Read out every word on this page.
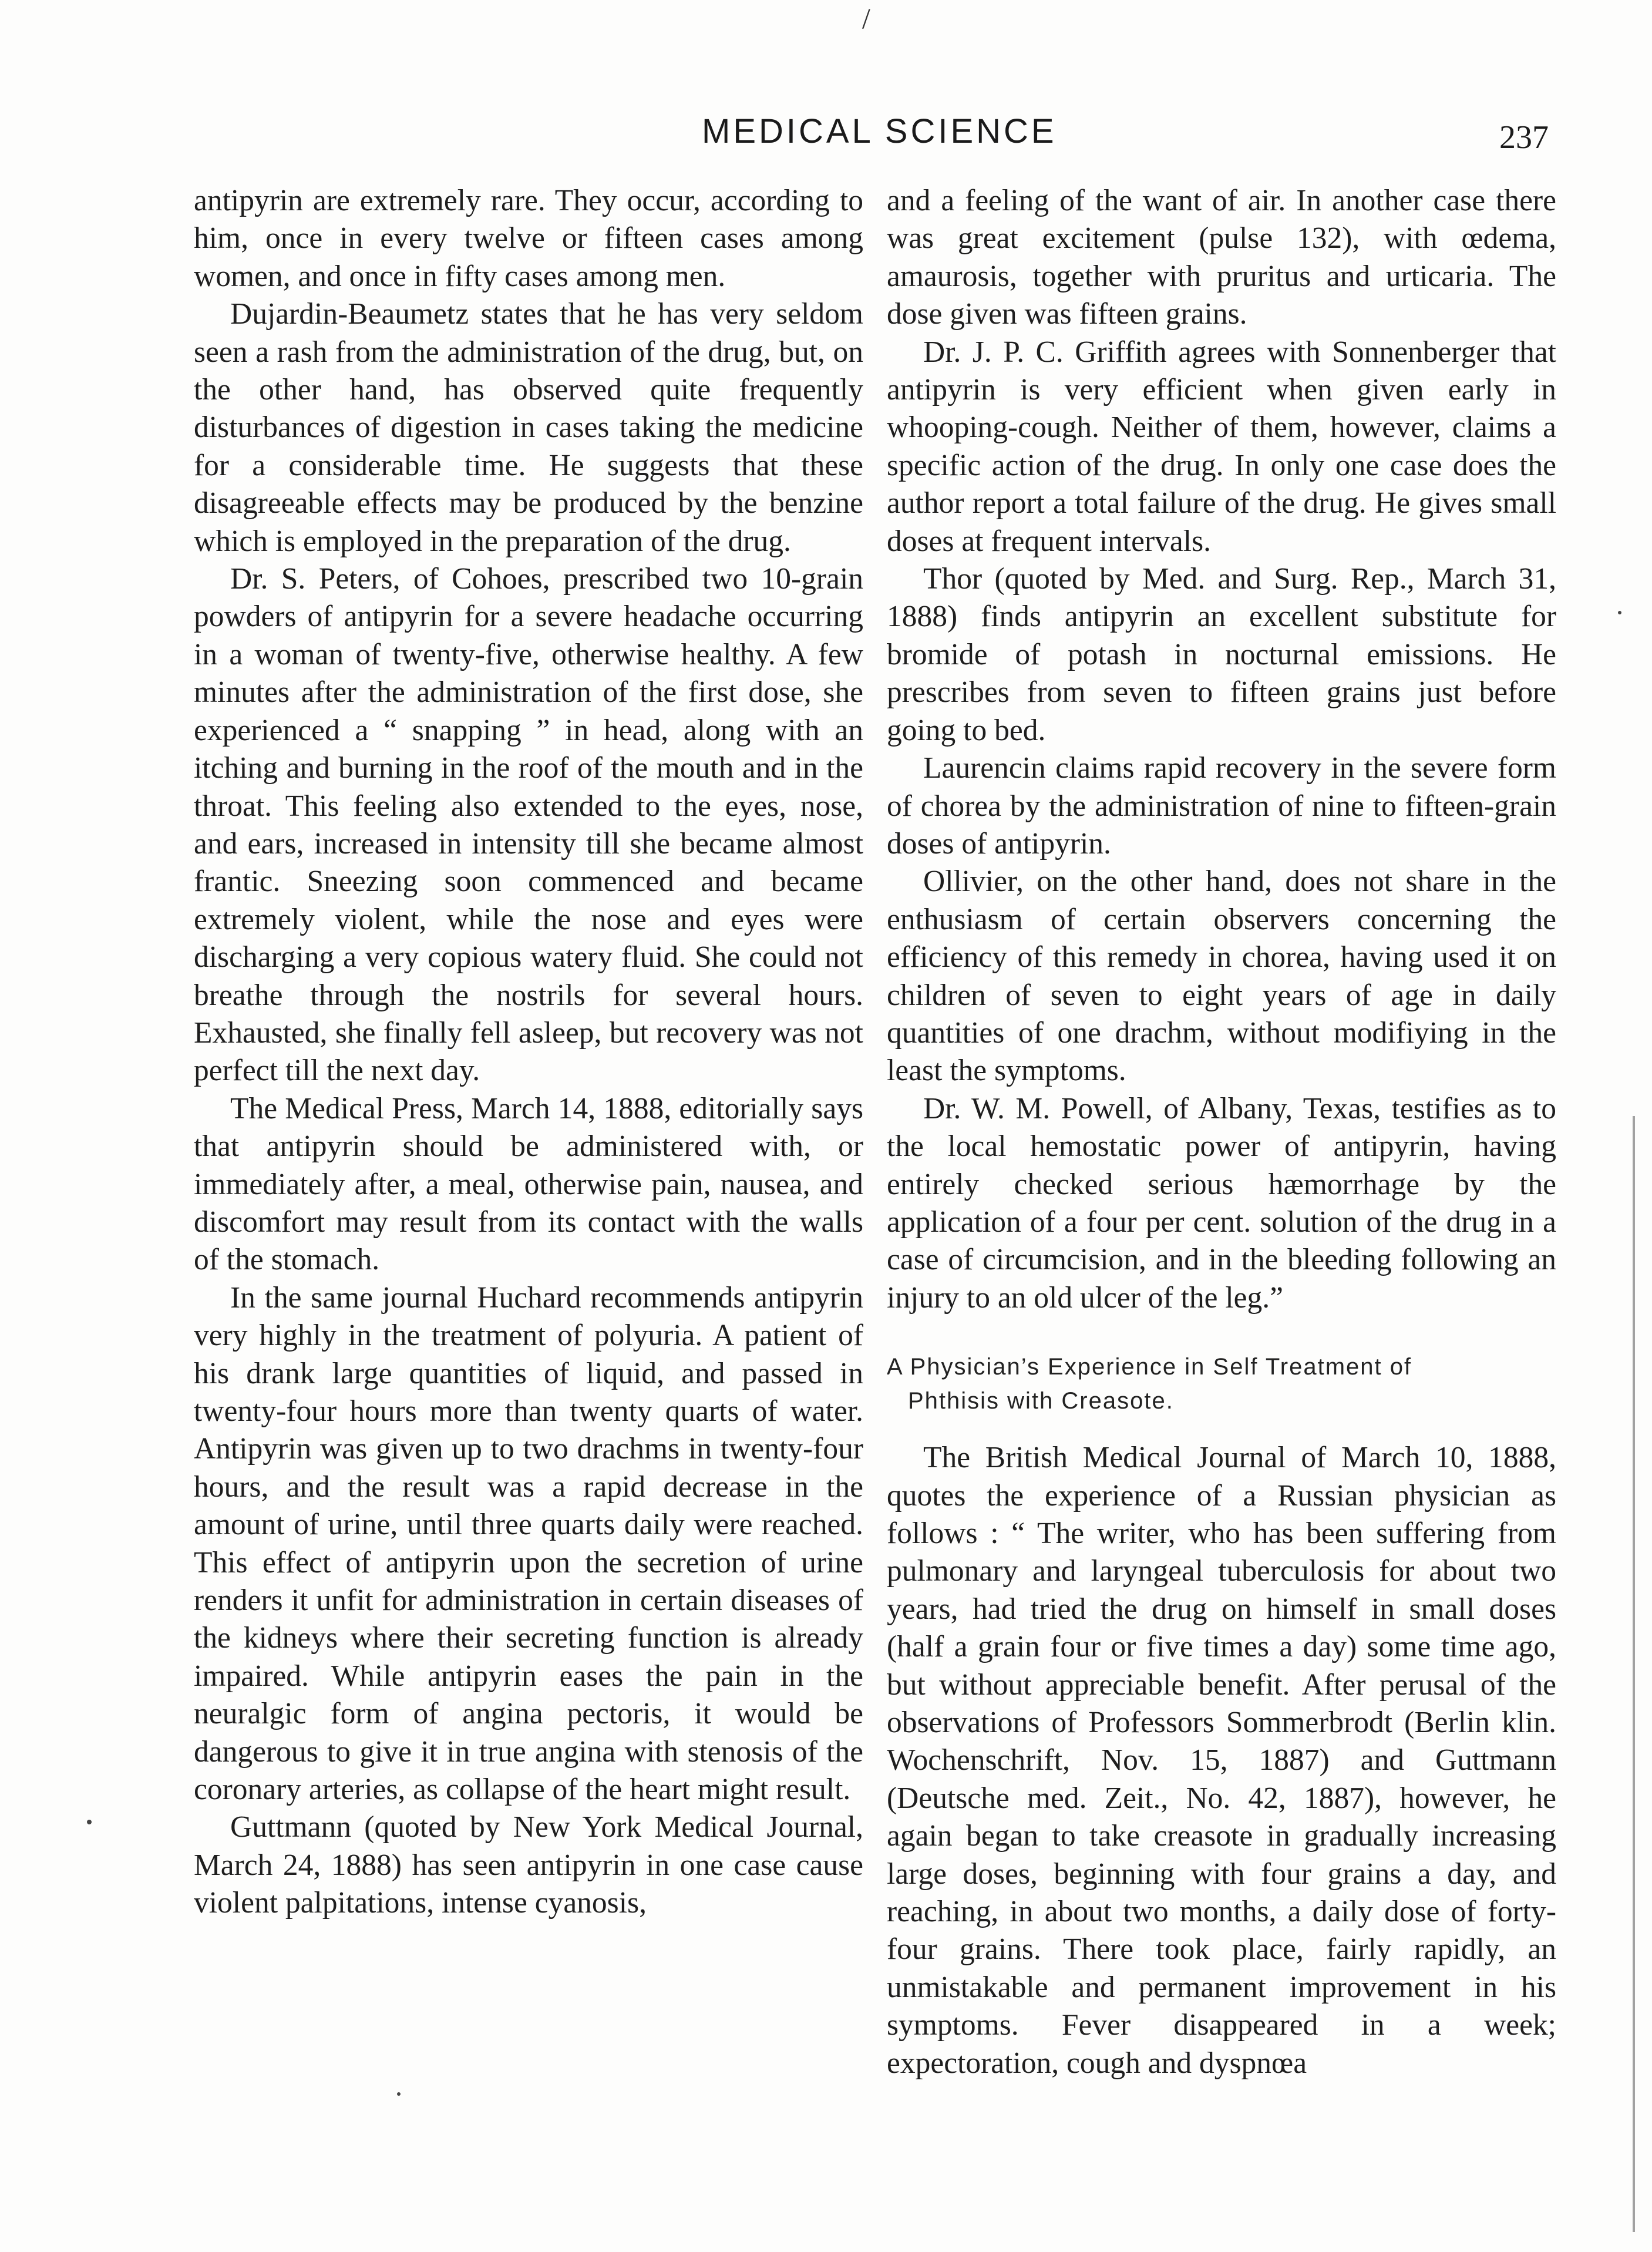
/
MEDICAL SCIENCE	237

antipyrin are extremely rare. They occur, according to him, once in every twelve or fifteen cases among women, and once in fifty cases among men.

Dujardin-Beaumetz states that he has very seldom seen a rash from the administration of the drug, but, on the other hand, has observed quite frequently disturbances of digestion in cases taking the medicine for a considerable time. He suggests that these disagreeable effects may be produced by the benzine which is employed in the preparation of the drug.

Dr. S. Peters, of Cohoes, prescribed two 10-grain powders of antipyrin for a severe headache occurring in a woman of twenty-five, otherwise healthy. A few minutes after the administration of the first dose, she experienced a “ snapping ” in head, along with an itching and burning in the roof of the mouth and in the throat. This feeling also extended to the eyes, nose, and ears, increased in intensity till she became almost frantic. Sneezing soon commenced and became extremely violent, while the nose and eyes were discharging a very copious watery fluid. She could not breathe through the nostrils for several hours. Exhausted, she finally fell asleep, but recovery was not perfect till the next day.

The Medical Press, March 14, 1888, editorially says that antipyrin should be administered with, or immediately after, a meal, otherwise pain, nausea, and discomfort may result from its contact with the walls of the stomach.

In the same journal Huchard recommends antipyrin very highly in the treatment of polyuria. A patient of his drank large quantities of liquid, and passed in twenty-four hours more than twenty quarts of water. Antipyrin was given up to two drachms in twenty-four hours, and the result was a rapid decrease in the amount of urine, until three quarts daily were reached. This effect of antipyrin upon the secretion of urine renders it unfit for administration in certain diseases of the kidneys where their secreting function is already impaired. While antipyrin eases the pain in the neuralgic form of angina pectoris, it would be dangerous to give it in true angina with stenosis of the coronary arteries, as collapse of the heart might result.

Guttmann (quoted by New York Medical Journal, March 24, 1888) has seen antipyrin in one case cause violent palpitations, intense cyanosis,

and a feeling of the want of air. In another case there was great excitement (pulse 132), with œdema, amaurosis, together with pruritus and urticaria. The dose given was fifteen grains.

Dr. J. P. C. Griffith agrees with Sonnenberger that antipyrin is very efficient when given early in whooping-cough. Neither of them, however, claims a specific action of the drug. In only one case does the author report a total failure of the drug. He gives small doses at frequent intervals.

Thor (quoted by Med. and Surg. Rep., March 31, 1888) finds antipyrin an excellent substitute for bromide of potash in nocturnal emissions. He prescribes from seven to fifteen grains just before going to bed.

Laurencin claims rapid recovery in the severe form of chorea by the administration of nine to fifteen-grain doses of antipyrin.

Ollivier, on the other hand, does not share in the enthusiasm of certain observers concerning the efficiency of this remedy in chorea, having used it on children of seven to eight years of age in daily quantities of one drachm, without modifiying in the least the symptoms.

Dr. W. M. Powell, of Albany, Texas, testifies as to the local hemostatic power of antipyrin, having entirely checked serious hæmorrhage by the application of a four per cent. solution of the drug in a case of circumcision, and in the bleeding following an injury to an old ulcer of the leg.”

A Physician’s Experience in Self Treatment of
Phthisis with Creasote.

The British Medical Journal of March 10, 1888, quotes the experience of a Russian physician as follows : “ The writer, who has been suffering from pulmonary and laryngeal tuberculosis for about two years, had tried the drug on himself in small doses (half a grain four or five times a day) some time ago, but without appreciable benefit. After perusal of the observations of Professors Sommerbrodt (Berlin klin. Wochenschrift, Nov. 15, 1887) and Guttmann (Deutsche med. Zeit., No. 42, 1887), however, he again began to take creasote in gradually increasing large doses, beginning with four grains a day, and reaching, in about two months, a daily dose of forty-four grains. There took place, fairly rapidly, an unmistakable and permanent improvement in his symptoms. Fever disappeared in a week; expectoration, cough and dyspnœa
